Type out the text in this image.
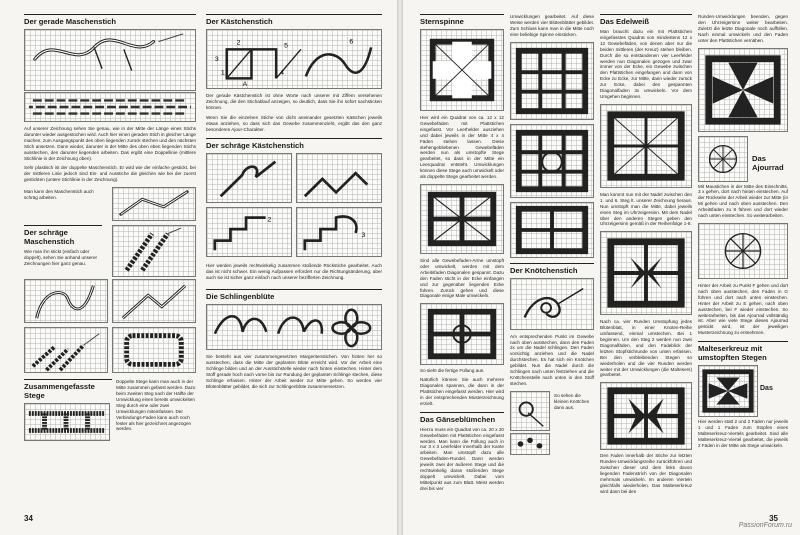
Der gerade Maschenstich
Auf unserer Zeichnung sehen Sie genau, wie in der Mitte der Länge eines Stichs darunter wieder ausgestochen wird. Auch hier einen geraden Stich in gleicher Länge machen, zum Ausgangspunkt des oben liegenden zurück stechen und den nächsten Stich ansetzen. Dann wieder, darunter in der Mitte des oben eben liegenden Stichs ausstechen, den darunter liegenden arbeiten. Das ergibt eine Doppellinie (mittlere Stichlinie in der Zeichnung oben).
Sehr plastisch ist der doppelte Maschenstich. Er wird wie der einfache gestickt, bei der mittleren Linie jedoch sind Ein- und Ausstiche die gleichen wie bei der zuerst gestickten (untere Stichlinie in der Zeichnung).
Man kann den Maschenstich auch schräg arbeiten.
Der schräge Maschenstich
Wie man ihn stickt (einfach oder doppelt), sehen Sie anhand unserer Zeichnungen hier ganz genau.
Zusammengefasste Stege
Doppelte Stege kann man auch in der Mitte zusammen gefasst werden. Dazu beim zweiten Steg nach der Hälfte der Umwicklung einen bereits umwickelten Steg durch eine oder zwei Umwicklungen miteinfassen. Der Verbindungs-Faden kann auch noch fester als hier gezeichnet angezogen werden.
Der Kästchenstich
1
2
3
4
5
6
A
Der gerade Kästchenstich ist ohne Worte nach unserer mit Ziffern versehenen Zeichnung, die den Stichablauf anzeigen, so deutlich, dass Sie ihn sofort nachsticken können.
Wenn Sie die einzelnen Stiche von dicht aneinander gesetzten Kästchen jeweils etwas anziehen, so dass sich das Gewebe zusammenzieht, ergibt das den ganz besonderen Ajour-Charakter.
Der schräge Kästchenstich
2
3
Hier werden jeweils rechtwinkelig zusammen stoßende Rückstiche gearbeitet. Auch das ist nicht schwer. Ein wenig Aufpassen erfordert nur die Richtungsänderung, aber auch sie ist sicher ganz einfach nach unserer bezifferten Zeichnung.
Die Schlingenblüte
Sie besteht aus vier zusammengesetzten Margeritenstichen. Von hinten her so ausstechen, dass die Mitte der geplanten Blüte erreicht wird. Vor der Arbeit eine Schlinge bilden und an der Ausstichstelle wieder nach hinten einstechen. Hinter dem Stoff gerade hoch nach vorne bis zur Rundung der geplanten Schlinge stechen, diese Schlinge erfassen. Hinter der Arbeit wieder zur Mitte gehen. So werden vier Blütenblätter gebildet, die sich zur Schlingenblüte zusammensetzen.
34
Sternspinne
Hier wird ein Quadrat von ca. 12 x 12 Gewebefäden mit Plattstichen eingefasst. Vor Leerhelder ausziehen und dabei jeweils in der Mitte 4 x 4 Fäden stehen lassen. Diese stehengebliebenen Gewebefäden werden nun als umstopfte Stege gearbeitet, so dass in der Mitte ein Leerquadrat entsteht. Umwicklungen können diese Stege auch umwickelt oder als doppelte Stege gearbeitet werden.
Sind alle Gewebefaden-Arme umstopft oder umwickelt, werden mit dem Arbeitsfaden Diagonalen gespannt. Dazu den Faden sticht in der Ecke einfangen und zur gegenüber liegenden Ecke führen. Zurück gehen und diese Diagonale einige Male umwickeln.
So sieht die fertige Füllung aus.
Natürlich können Sie auch mehrere Diagonalen spannen, die dann in der Plattstichen eingefasst werden. Hier wird in der entsprechenden Musterzeichnung erzielt.
Das Gänseblümchen
Hierzu muss ein Quadrat von ca. 20 x 20 Gewebefäden mit Plattstichen eingefasst werden. Man kann die Füllung auch in nur 3 x 3 Leerfelder innerhalb der Kante arbeiten. Man umstopft dazu alle Gewebefäden-Rundel. Dann werden jeweils zwei der äußeren Stege und die rechtwinkelig daran stoßenden Stege doppelt umwickelt. Dabei vom Mittelpunkt aus zum Blatt. Meist werden drei bis vier
Umwicklungen gearbeitet. Auf diese Weise werden vier Blütenblätter gebildet. Zum Schluss kann man in die Mitte noch eine beliebige Spinne einsticken.
Der Knötchenstich
Am entsprechenden Punkt im Gewebe nach oben ausstechen, dann den Faden 2x um die Nadel schlingen. Den Faden vorsichtig anziehen und die Nadel durchstechen. Es hat sich ein Knötchen gebildet. Nun die Nadel durch die Schlingen nach unten festziehen und die Knötchenstelle nach unten in den Stoff stechen.
So sehen die kleinen Knötchen dann aus.
Das Edelweiß
Man braucht dazu ein mit Plattstichen eingefasstes Quadrat von mindestens 12 x 12 Gewebefäden, von denen aber nur die beiden mittleren (der Kreuz) stehen bleiben. Durch die so entstandenen vier Leerfelder werden nun Diagonalen gezogen und zwar immer von der Ecke, ein Gewebe zwischen den Plattstichen eingefangen und dann von Ecke zu Ecke, zur Mitte, dann wieder zurück zur Ecke, dabei den gespannten Diagonalfaden 3x umwickeln. Vor dem Umgehen beginnen.
Man kommt nun mit der Nadel zwischen den 1. und 6. Steg lt. unserer Zeichnung heraus. Nun umstopft man die Mitte, dabei jeweils einen Steg im Uhrzeigersinn. Mit dem Nadel über den anderen Stegen geben den Uhrzeigersinn gemäß in der Reihenfolge 1-8.
Nach ca. vier Runden Umstopfung jedes Blütenblatt, in einer Knoten-Reihe umfassend, einmal umstechen. Bei 1 beginnen. Um den Steg 2 werden nun zwei Diagonalfäden, und den Fadeblick der letzten Stopfstichrunde von unten erfassen. Bei den verbleibenden Stegen so wiederholen und die vier Runden werden weiter mit der Umwicklungen (die Maltesers) gearbeitet.
Den Faden innerhalb der Stiche zur letzten Runden-Umwicklungsreihe zurückführen und zwischen dieser und dem links davon liegenden Fadenstrich von der Diagonalen mehrmals umwickeln. Im anderen Vierteln gleichfalls wiederholen. Das Malteserkreuz wird dann bei den
Runden-Umwicklungen beenden, gegen den Uhrzeigersinn weiter bearbeiten. Zuletzt die letzte Diagonale noch auffüllen. Nach einmal umwickeln und den Faden unter den Plattstichen vernähen.
Das Ajourrad
Mit Maustichen in der Mitte des Einschnitts, 3 x gehen, dort nach hinten einstechen. Auf der Rückseite der Arbeit wieder zur Mitte (in Mi gehen und nach oben ausstechen. Den Arbeitsfaden zu 8 führen und dort wieder nach unten einstechen. So weiterarbeiten.
Hinter der Arbeit zu Punkt F gehen und dort nach oben ausstechen, den Faden in G führen und dort nach unten einstechen. Hinter der Arbeit zu E gehen, nach oben ausstechen, bei F wieder einstechen. So weiterarbeiten, bis das Ajourrad vollständig ist. Aber wie viele Stege dieses Ajourrad gestickt wird, ist der jeweiligen Musterzeichnung zu entnehmen.
Malteserkreuz mit umstopften Stegen
Das
Hier werden statt 2 und 2 Fäden nur jeweils 1 und 1 Faden zum Stopfen eines Malteserkreuz-Viertels gearbeitet. Sind alle Malteserkreuz-Viertel gearbeitet, die jeweils 2 Fäden in der Mitte als Stege umwickeln.
35
PassionForum.ru
